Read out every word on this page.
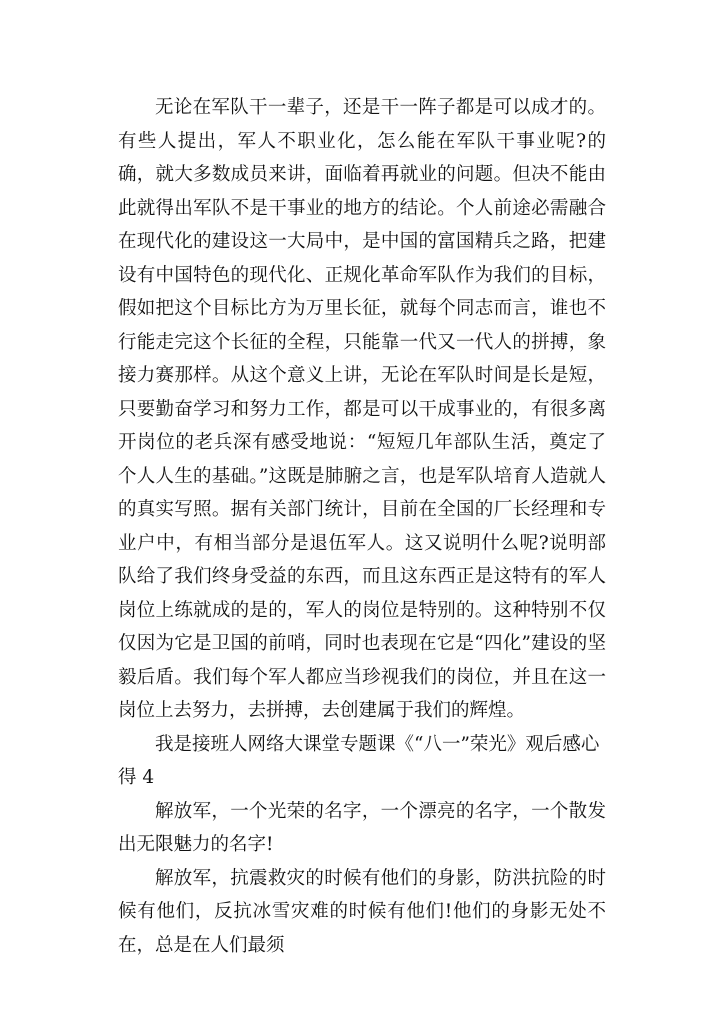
无论在军队干一辈子，还是干一阵子都是可以成才的。有些人提出，军人不职业化，怎么能在军队干事业呢?的确，就大多数成员来讲，面临着再就业的问题。但决不能由此就得出军队不是干事业的地方的结论。个人前途必需融合在现代化的建设这一大局中，是中国的富国精兵之路，把建设有中国特色的现代化、正规化革命军队作为我们的目标，假如把这个目标比方为万里长征，就每个同志而言，谁也不行能走完这个长征的全程，只能靠一代又一代人的拼搏，象接力赛那样。从这个意义上讲，无论在军队时间是长是短，只要勤奋学习和努力工作，都是可以干成事业的，有很多离开岗位的老兵深有感受地说：“短短几年部队生活，奠定了个人人生的基础。”这既是肺腑之言，也是军队培育人造就人的真实写照。据有关部门统计，目前在全国的厂长经理和专业户中，有相当部分是退伍军人。这又说明什么呢?说明部队给了我们终身受益的东西，而且这东西正是这特有的军人岗位上练就成的是的，军人的岗位是特别的。这种特别不仅仅因为它是卫国的前哨，同时也表现在它是“四化”建设的坚毅后盾。我们每个军人都应当珍视我们的岗位，并且在这一岗位上去努力，去拼搏，去创建属于我们的辉煌。

我是接班人网络大课堂专题课《“八一”荣光》观后感心得 4

解放军，一个光荣的名字，一个漂亮的名字，一个散发出无限魅力的名字!

解放军，抗震救灾的时候有他们的身影，防洪抗险的时候有他们，反抗冰雪灾难的时候有他们!他们的身影无处不在，总是在人们最须
